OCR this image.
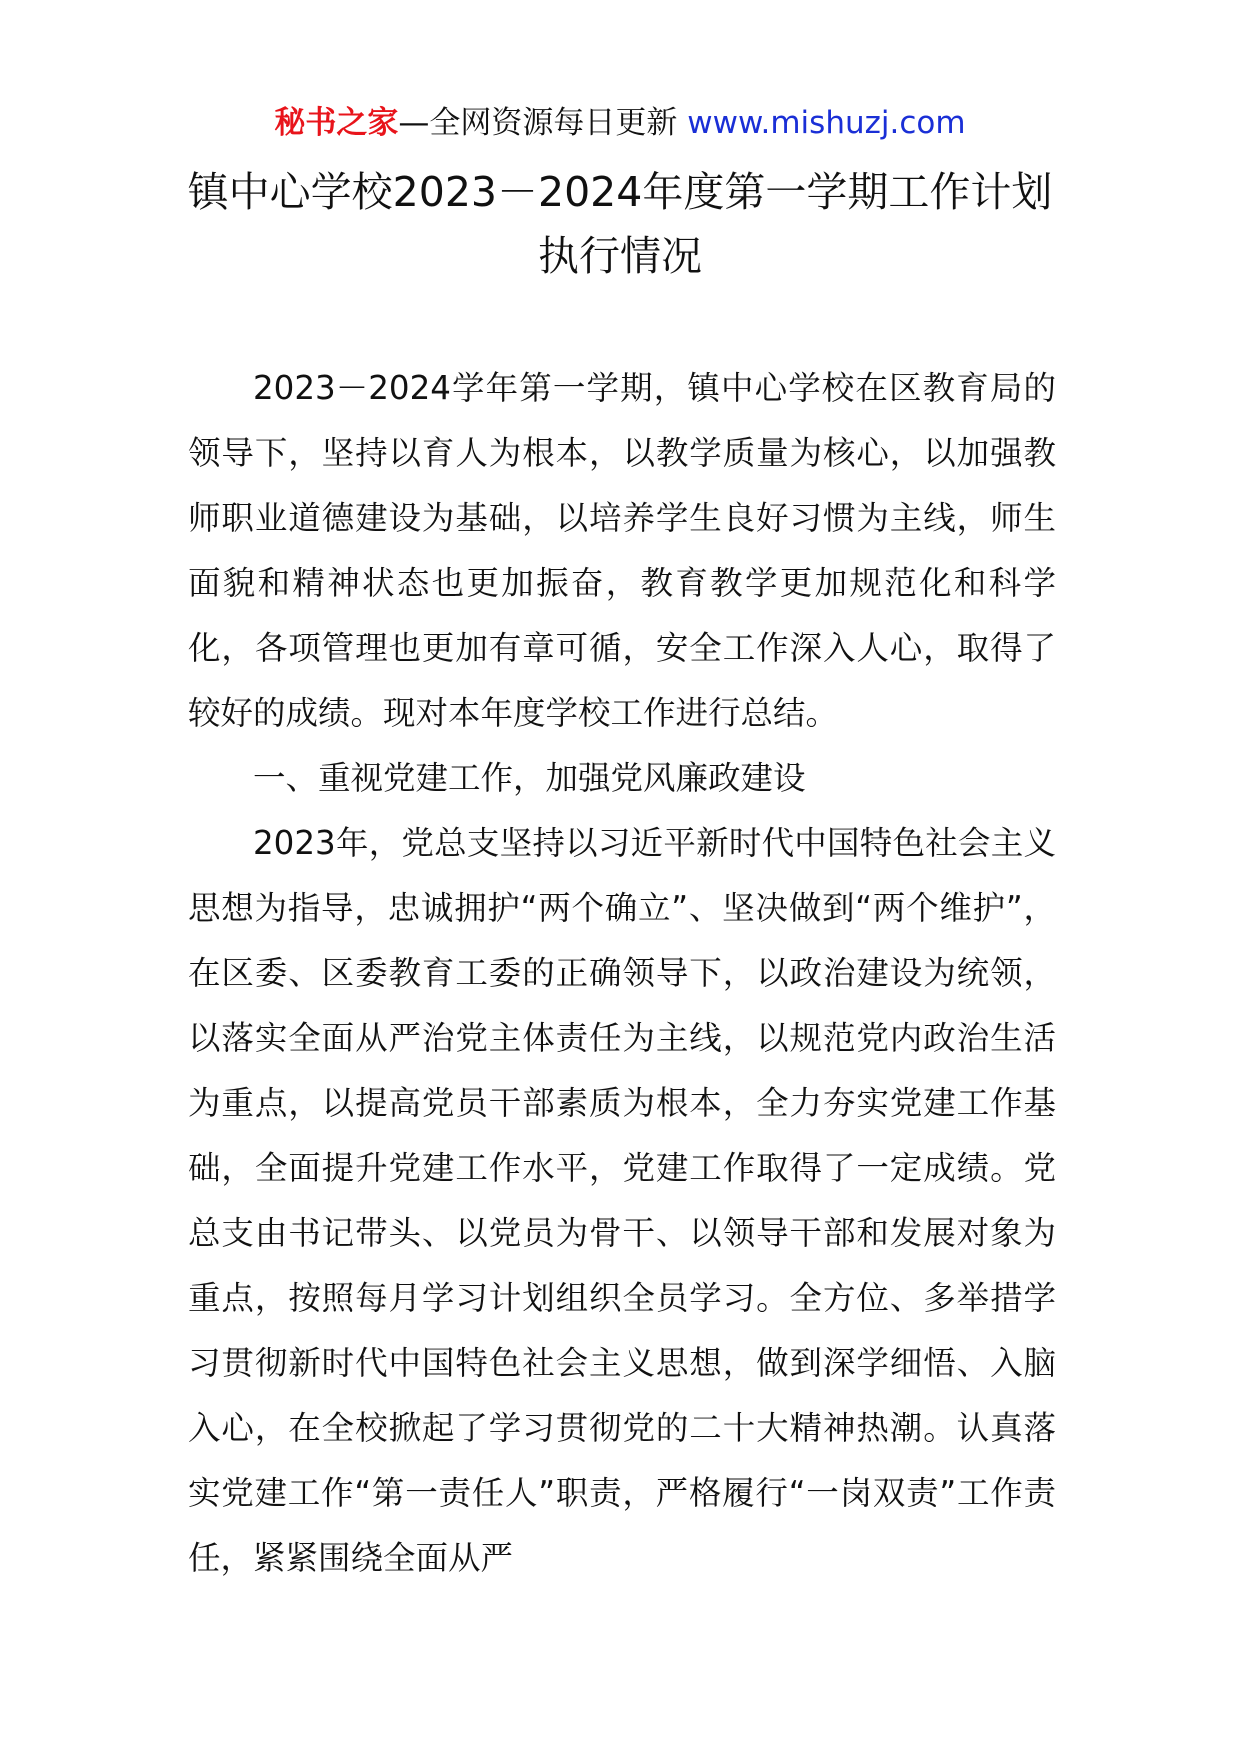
秘书之家—全网资源每日更新 www.mishuzj.com
镇中心学校2023－2024年度第一学期工作计划
执行情况

2023－2024学年第一学期，镇中心学校在区教育局的领导下，坚持以育人为根本，以教学质量为核心，以加强教师职业道德建设为基础，以培养学生良好习惯为主线，师生面貌和精神状态也更加振奋，教育教学更加规范化和科学化，各项管理也更加有章可循，安全工作深入人心，取得了较好的成绩。现对本年度学校工作进行总结。

一、重视党建工作，加强党风廉政建设

2023年，党总支坚持以习近平新时代中国特色社会主义思想为指导，忠诚拥护“两个确立”、坚决做到“两个维护”，在区委、区委教育工委的正确领导下，以政治建设为统领，以落实全面从严治党主体责任为主线，以规范党内政治生活为重点，以提高党员干部素质为根本，全力夯实党建工作基础，全面提升党建工作水平，党建工作取得了一定成绩。党总支由书记带头、以党员为骨干、以领导干部和发展对象为重点，按照每月学习计划组织全员学习。全方位、多举措学习贯彻新时代中国特色社会主义思想，做到深学细悟、入脑入心，在全校掀起了学习贯彻党的二十大精神热潮。认真落实党建工作“第一责任人”职责，严格履行“一岗双责”工作责任，紧紧围绕全面从严
